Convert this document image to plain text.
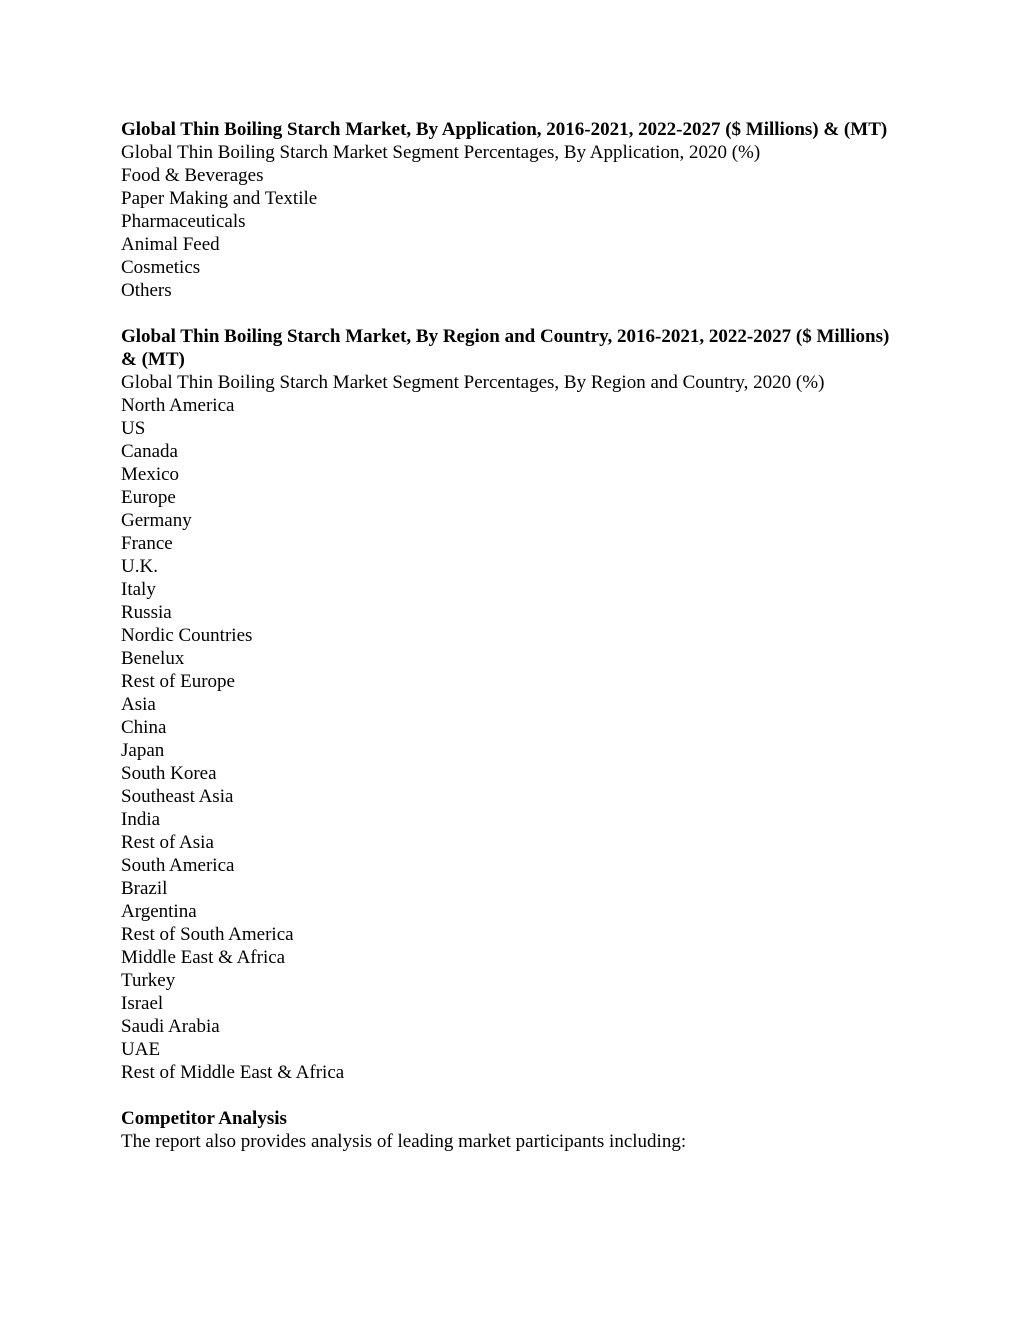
Global Thin Boiling Starch Market, By Application, 2016-2021, 2022-2027 ($ Millions) & (MT)

Global Thin Boiling Starch Market Segment Percentages, By Application, 2020 (%)

Food & Beverages
Paper Making and Textile
Pharmaceuticals
Animal Feed
Cosmetics
Others

Global Thin Boiling Starch Market, By Region and Country, 2016-2021, 2022-2027 ($ Millions) & (MT)

Global Thin Boiling Starch Market Segment Percentages, By Region and Country, 2020 (%)

North America
US
Canada
Mexico
Europe
Germany
France
U.K.
Italy
Russia
Nordic Countries
Benelux
Rest of Europe
Asia
China
Japan
South Korea
Southeast Asia
India
Rest of Asia
South America
Brazil
Argentina
Rest of South America
Middle East & Africa
Turkey
Israel
Saudi Arabia
UAE
Rest of Middle East & Africa

Competitor Analysis

The report also provides analysis of leading market participants including:
